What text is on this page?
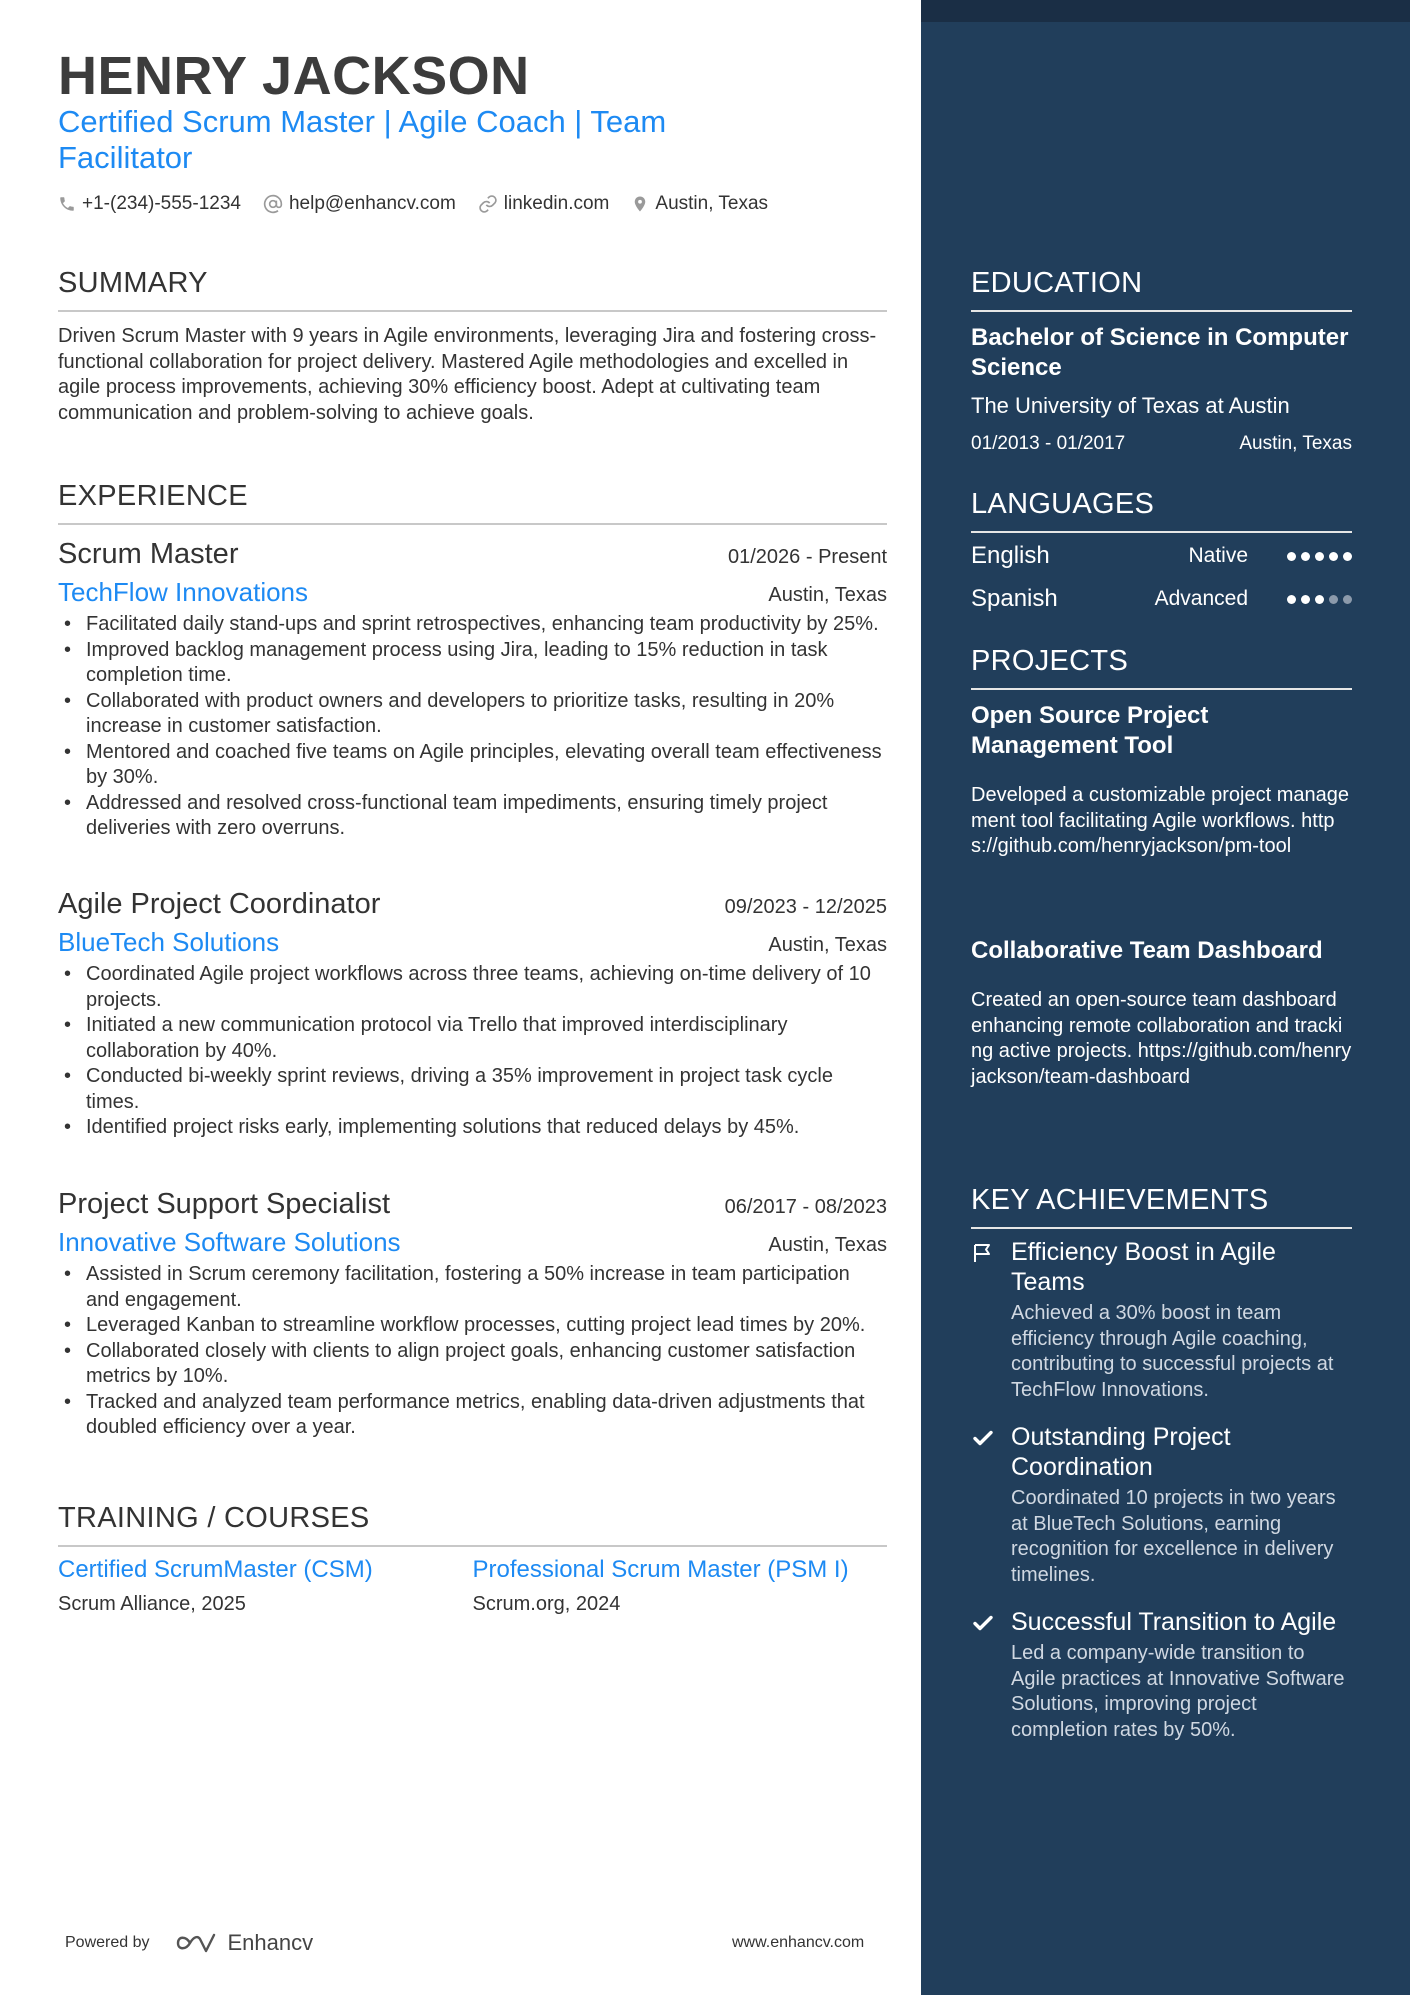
HENRY JACKSON
Certified Scrum Master | Agile Coach | Team Facilitator
+1-(234)-555-1234	help@enhancv.com	linkedin.com Austin, Texas
SUMMARY
Driven Scrum Master with 9 years in Agile environments, leveraging Jira and fostering cross-functional collaboration for project delivery. Mastered Agile methodologies and excelled in agile process improvements, achieving 30% efficiency boost. Adept at cultivating team communication and problem-solving to achieve goals.
EXPERIENCE
Scrum Master	01/2026 - Present
TechFlow Innovations	Austin, Texas
• Facilitated daily stand-ups and sprint retrospectives, enhancing team productivity by 25%.
• Improved backlog management process using Jira, leading to 15% reduction in task completion time.
• Collaborated with product owners and developers to prioritize tasks, resulting in 20% increase in customer satisfaction.
• Mentored and coached five teams on Agile principles, elevating overall team effectiveness by 30%.
• Addressed and resolved cross-functional team impediments, ensuring timely project deliveries with zero overruns.
Agile Project Coordinator	09/2023 - 12/2025
BlueTech Solutions	Austin, Texas
• Coordinated Agile project workflows across three teams, achieving on-time delivery of 10 projects.
• Initiated a new communication protocol via Trello that improved interdisciplinary collaboration by 40%.
• Conducted bi-weekly sprint reviews, driving a 35% improvement in project task cycle times.
• Identified project risks early, implementing solutions that reduced delays by 45%.
Project Support Specialist	06/2017 - 08/2023
Innovative Software Solutions	Austin, Texas
• Assisted in Scrum ceremony facilitation, fostering a 50% increase in team participation and engagement.
• Leveraged Kanban to streamline workflow processes, cutting project lead times by 20%.
• Collaborated closely with clients to align project goals, enhancing customer satisfaction metrics by 10%.
• Tracked and analyzed team performance metrics, enabling data-driven adjustments that doubled efficiency over a year.
TRAINING / COURSES
Certified ScrumMaster (CSM)
Scrum Alliance, 2025
Professional Scrum Master (PSM I)
Scrum.org, 2024
Powered by	Enhancv	www.enhancv.com
EDUCATION
Bachelor of Science in Computer Science
The University of Texas at Austin
01/2013 - 01/2017	Austin, Texas
LANGUAGES
English	Native
Spanish	Advanced
PROJECTS
Open Source Project Management Tool
Developed a customizable project management tool facilitating Agile workflows. https://github.com/henryjackson/pm-tool
Collaborative Team Dashboard
Created an open-source team dashboard enhancing remote collaboration and tracking active projects. https://github.com/henryjackson/team-dashboard
KEY ACHIEVEMENTS
Efficiency Boost in Agile Teams
Achieved a 30% boost in team efficiency through Agile coaching, contributing to successful projects at TechFlow Innovations.
Outstanding Project Coordination
Coordinated 10 projects in two years at BlueTech Solutions, earning recognition for excellence in delivery timelines.
Successful Transition to Agile
Led a company-wide transition to Agile practices at Innovative Software Solutions, improving project completion rates by 50%.
